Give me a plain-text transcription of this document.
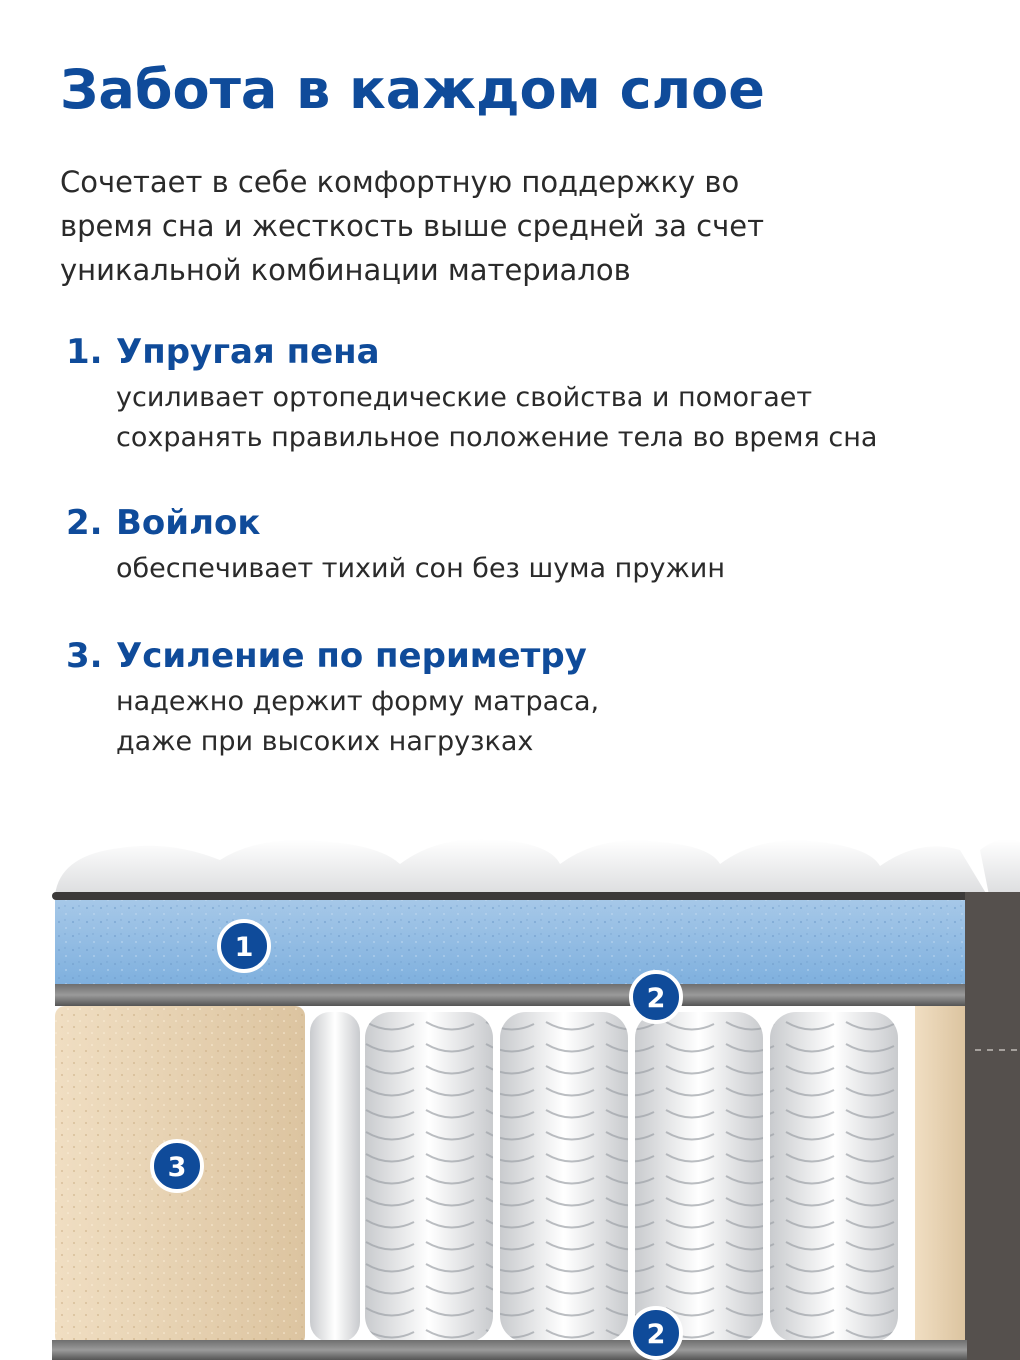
Забота в каждом слое
Сочетает в себе комфортную поддержку во
время сна и жесткость выше средней за счет
уникальной комбинации материалов
1. Упругая пена
усиливает ортопедические свойства и помогает
сохранять правильное положение тела во время сна
2. Войлок
обеспечивает тихий сон без шума пружин
3. Усиление по периметру
надежно держит форму матраса,
даже при высоких нагрузках
1
2
3
2
